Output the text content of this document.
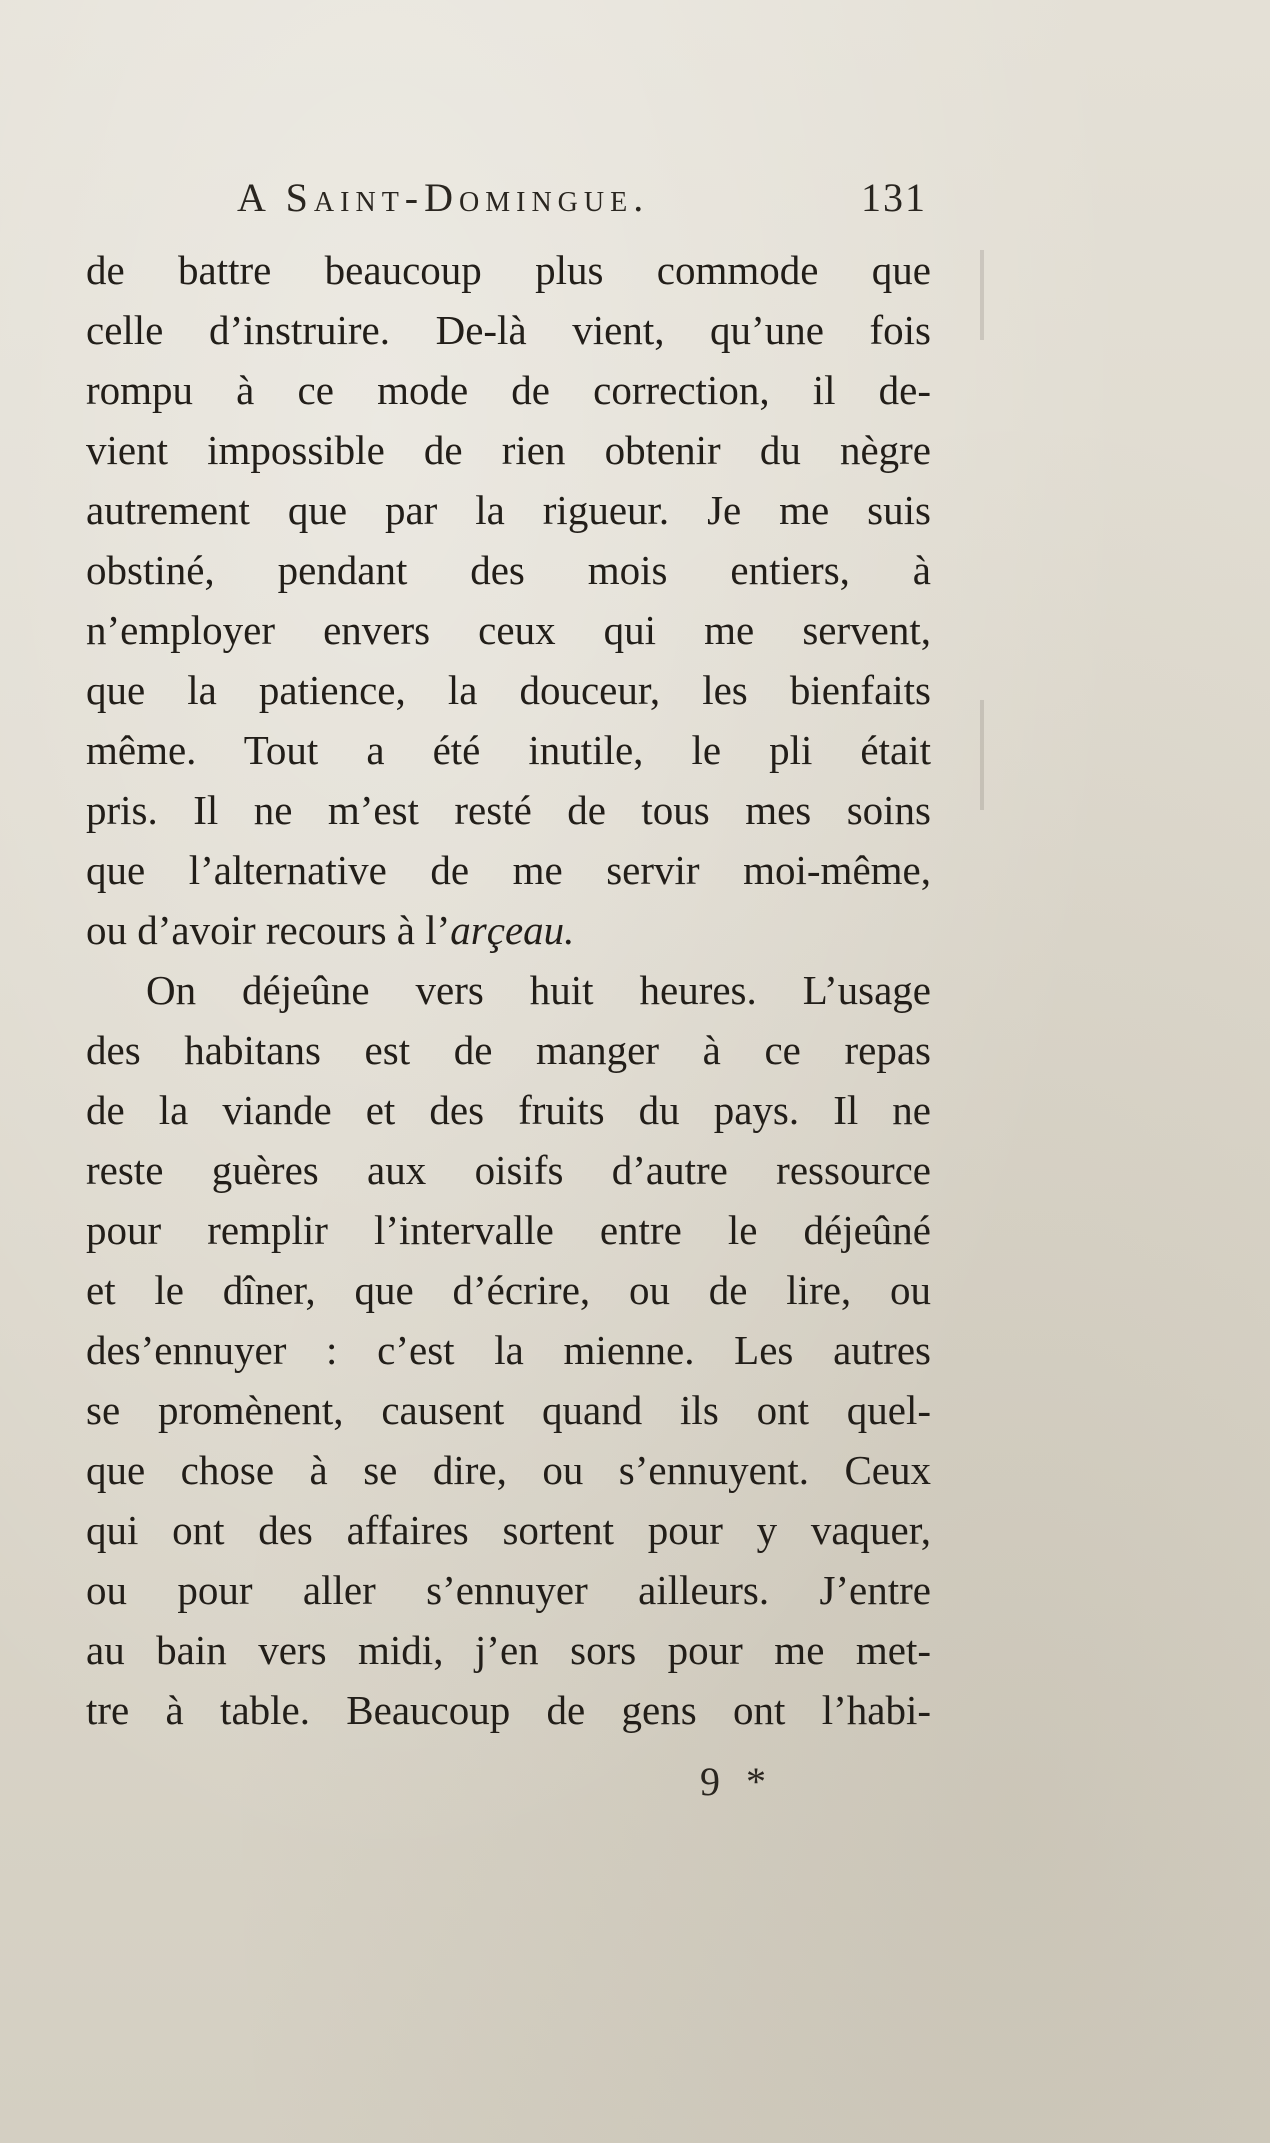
A Saint-Domingue.	131
de battre beaucoup plus commode que
celle d’instruire. De-là vient, qu’une fois
rompu à ce mode de correction, il de-
vient impossible de rien obtenir du nègre
autrement que par la rigueur. Je me suis
obstiné, pendant des mois entiers, à
n’employer envers ceux qui me servent,
que la patience, la douceur, les bienfaits
même. Tout a été inutile, le pli était
pris. Il ne m’est resté de tous mes soins
que l’alternative de me servir moi-même,
ou d’avoir recours à l’arçeau.
On déjeûne vers huit heures. L’usage
des habitans est de manger à ce repas
de la viande et des fruits du pays. Il ne
reste guères aux oisifs d’autre ressource
pour remplir l’intervalle entre le déjeûné
et le dîner, que d’écrire, ou de lire, ou
des’ennuyer : c’est la mienne. Les autres
se promènent, causent quand ils ont quel-
que chose à se dire, ou s’ennuyent. Ceux
qui ont des affaires sortent pour y vaquer,
ou pour aller s’ennuyer ailleurs. J’entre
au bain vers midi, j’en sors pour me met-
tre à table. Beaucoup de gens ont l’habi-
9 *
